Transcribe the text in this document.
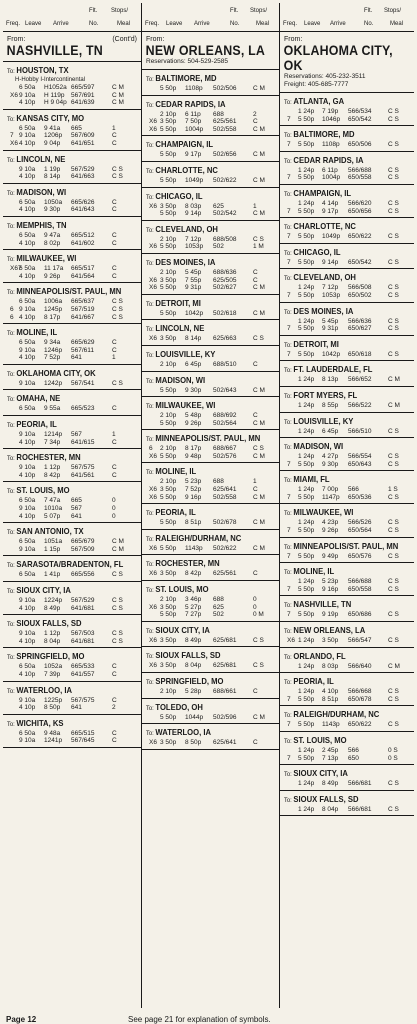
Freq. Leave Arrive
Flt.
No.
Stops/
Meal
From:	(Cont'd)
NASHVILLE, TN
To: HOUSTON, TX
H-Hobby I-Intercontinental
6 50a H1052a 665/597	C M
X6 9 10a H 119p 567/691	C M
4 10p H 9 04p 641/639	C M
To: KANSAS CITY, MO
6 50a 9 41a 665	1
7 9 10a 1206p 567/609	C
X6 4 10p 9 04p 641/651	C
To: LINCOLN, NE
9 10a 1 19p 567/529	C S
4 10p 8 14p 641/663	C S
To: MADISON, WI
6 50a 1050a 665/626	C
4 10p 9 30p 641/643	C
To: MEMPHIS, TN
6 50a 9 47a 665/512	C
4 10p 8 02p 641/602	C
To: MILWAUKEE, WI
X67
6 50a 11 17a 665/517	C
4 10p 9 26p 641/564	C
To: MINNEAPOLIS/ST. PAUL, MN
6 50a 1006a 665/637	C S
6 9 10a 1245p 567/519	C S
6 4 10p 8 17p 641/667	C S
To: MOLINE, IL
6 50a 9 34a 665/629	C
9 10a 1246p 567/611	C
4 10p 7 52p 641	1
To: OKLAHOMA CITY, OK
9 10a 1242p 567/541	C S
To: OMAHA, NE
6 50a 9 55a 665/523	C
To: PEORIA, IL
9 10a 1214p 567	1
4 10p 7 34p 641/615	C
To: ROCHESTER, MN
9 10a 1 12p 567/575	C
4 10p 8 42p 641/561	C
To: ST. LOUIS, MO
6 50a 7 47a 665	0
9 10a 1010a 567	0
4 10p 5 07p 641	0
To: SAN ANTONIO, TX
6 50a 1051a 665/679	C M
9 10a 1 15p 567/509	C M
To: SARASOTA/BRADENTON, FL
6 50a 1 41p 665/556	C S
To: SIOUX CITY, IA
9 10a 1224p 567/529	C S
4 10p 8 49p 641/681	C S
To: SIOUX FALLS, SD
9 10a 1 12p 567/503	C S
4 10p 8 04p 641/681	C S
To: SPRINGFIELD, MO
6 50a 1052a 665/533	C
4 10p 7 39p 641/557	C
To: WATERLOO, IA
9 10a 1225p 567/575	C
4 10p 8 50p 641	2
To: WICHITA, KS
6 50a 9 48a 665/515	C
9 10a 1241p 567/645	C
Freq. Leave Arrive
Flt.
No.
Stops/
Meal
From:
NEW ORLEANS, LA
Reservations: 504-529-2585
To: BALTIMORE, MD
5 50p 1108p 502/506	C M
To: CEDAR RAPIDS, IA
2 10p 6 11p 688	2
X6 3 50p 7 50p 625/561	C
X6 5 50p 1004p 502/558	C M
To: CHAMPAIGN, IL
5 50p 9 17p 502/656	C M
To: CHARLOTTE, NC
5 50p 1049p 502/622	C M
To: CHICAGO, IL
X6 3 50p 8 03p 625	1
5 50p 9 14p 502/542	C M
To: CLEVELAND, OH
2 10p 7 12p 688/508	C S
X6 5 50p 1053p 502	1 M
To: DES MOINES, IA
2 10p 5 45p 688/636	C
X6 3 50p 7 55p 625/505	C
X6 5 50p 9 31p 502/627	C M
To: DETROIT, MI
5 50p 1042p 502/618	C M
To: LINCOLN, NE
X6 3 50p 8 14p 625/663	C S
To: LOUISVILLE, KY
2 10p 6 45p 688/510	C
To: MADISON, WI
5 50p 9 30p 502/643	C M
To: MILWAUKEE, WI
2 10p 5 48p 688/692	C
5 50p 9 26p 502/564	C M
To: MINNEAPOLIS/ST. PAUL, MN
6 2 10p 8 17p 688/667	C S
X6 5 50p 9 48p 502/576	C M
To: MOLINE, IL
2 10p 5 23p 688	1
X6 3 50p 7 52p 625/641	C
X6 5 50p 9 16p 502/558	C M
To: PEORIA, IL
5 50p 8 51p 502/678	C M
To: RALEIGH/DURHAM, NC
X6 5 50p 1143p 502/622	C M
To: ROCHESTER, MN
X6 3 50p 8 42p 625/561	C
To: ST. LOUIS, MO
2 10p 3 46p 688	0
X6 3 50p 5 27p 625	0
5 50p 7 27p 502	0 M
To: SIOUX CITY, IA
X6 3 50p 8 49p 625/681	C S
To: SIOUX FALLS, SD
X6 3 50p 8 04p 625/681	C S
To: SPRINGFIELD, MO
2 10p 5 28p 688/661	C
To: TOLEDO, OH
5 50p 1044p 502/596	C M
To: WATERLOO, IA
X6 3 50p 8 50p 625/641	C
Freq. Leave Arrive
Flt.
No.
Stops/
Meal
From:
OKLAHOMA CITY,
OK
Reservations: 405-232-3511
Freight: 405-685-7777
To: ATLANTA, GA
1 24p 7 19p 566/534	C S
7 5 50p 1046p 650/542	C S
To: BALTIMORE, MD
7 5 50p 1108p 650/506	C S
To: CEDAR RAPIDS, IA
1 24p 6 11p 566/688	C S
7 5 50p 1004p 650/558	C S
To: CHAMPAIGN, IL
1 24p 4 14p 566/620	C S
7 5 50p 9 17p 650/656	C S
To: CHARLOTTE, NC
7 5 50p 1049p 650/622	C S
To: CHICAGO, IL
7 5 50p 9 14p 650/542	C S
To: CLEVELAND, OH
1 24p 7 12p 566/508	C S
7 5 50p 1053p 650/502	C S
To: DES MOINES, IA
1 24p 5 45p 566/636	C S
7 5 50p 9 31p 650/627	C S
To: DETROIT, MI
7 5 50p 1042p 650/618	C S
To: FT. LAUDERDALE, FL
1 24p 8 13p 566/652	C M
To: FORT MYERS, FL
1 24p 8 55p 566/522	C M
To: LOUISVILLE, KY
1 24p 6 45p 566/510	C S
To: MADISON, WI
1 24p 4 27p 566/554	C S
7 5 50p 9 30p 650/643	C S
To: MIAMI, FL
1 24p 7 00p 566	1 S
7 5 50p 1147p 650/536	C S
To: MILWAUKEE, WI
1 24p 4 23p 566/526	C S
7 5 50p 9 26p 650/564	C S
To: MINNEAPOLIS/ST. PAUL, MN
7 5 50p 9 49p 650/576	C S
To: MOLINE, IL
1 24p 5 23p 566/688	C S
7 5 50p 9 16p 650/558	C S
To: NASHVILLE, TN
7 5 50p 9 19p 650/686	C S
To: NEW ORLEANS, LA
X6 1 24p 3 50p 566/547	C S
To: ORLANDO, FL
1 24p 8 03p 566/640	C M
To: PEORIA, IL
1 24p 4 10p 566/668	C S
7 5 50p 8 51p 650/678	C S
To: RALEIGH/DURHAM, NC
7 5 50p 1143p 650/622	C S
To: ST. LOUIS, MO
1 24p 2 45p 566	0 S
7 5 50p 7 13p 650	0 S
To: SIOUX CITY, IA
1 24p 8 49p 566/681	C S
To: SIOUX FALLS, SD
1 24p 8 04p 566/681	C S
Page 12	See page 21 for explanation of symbols.
